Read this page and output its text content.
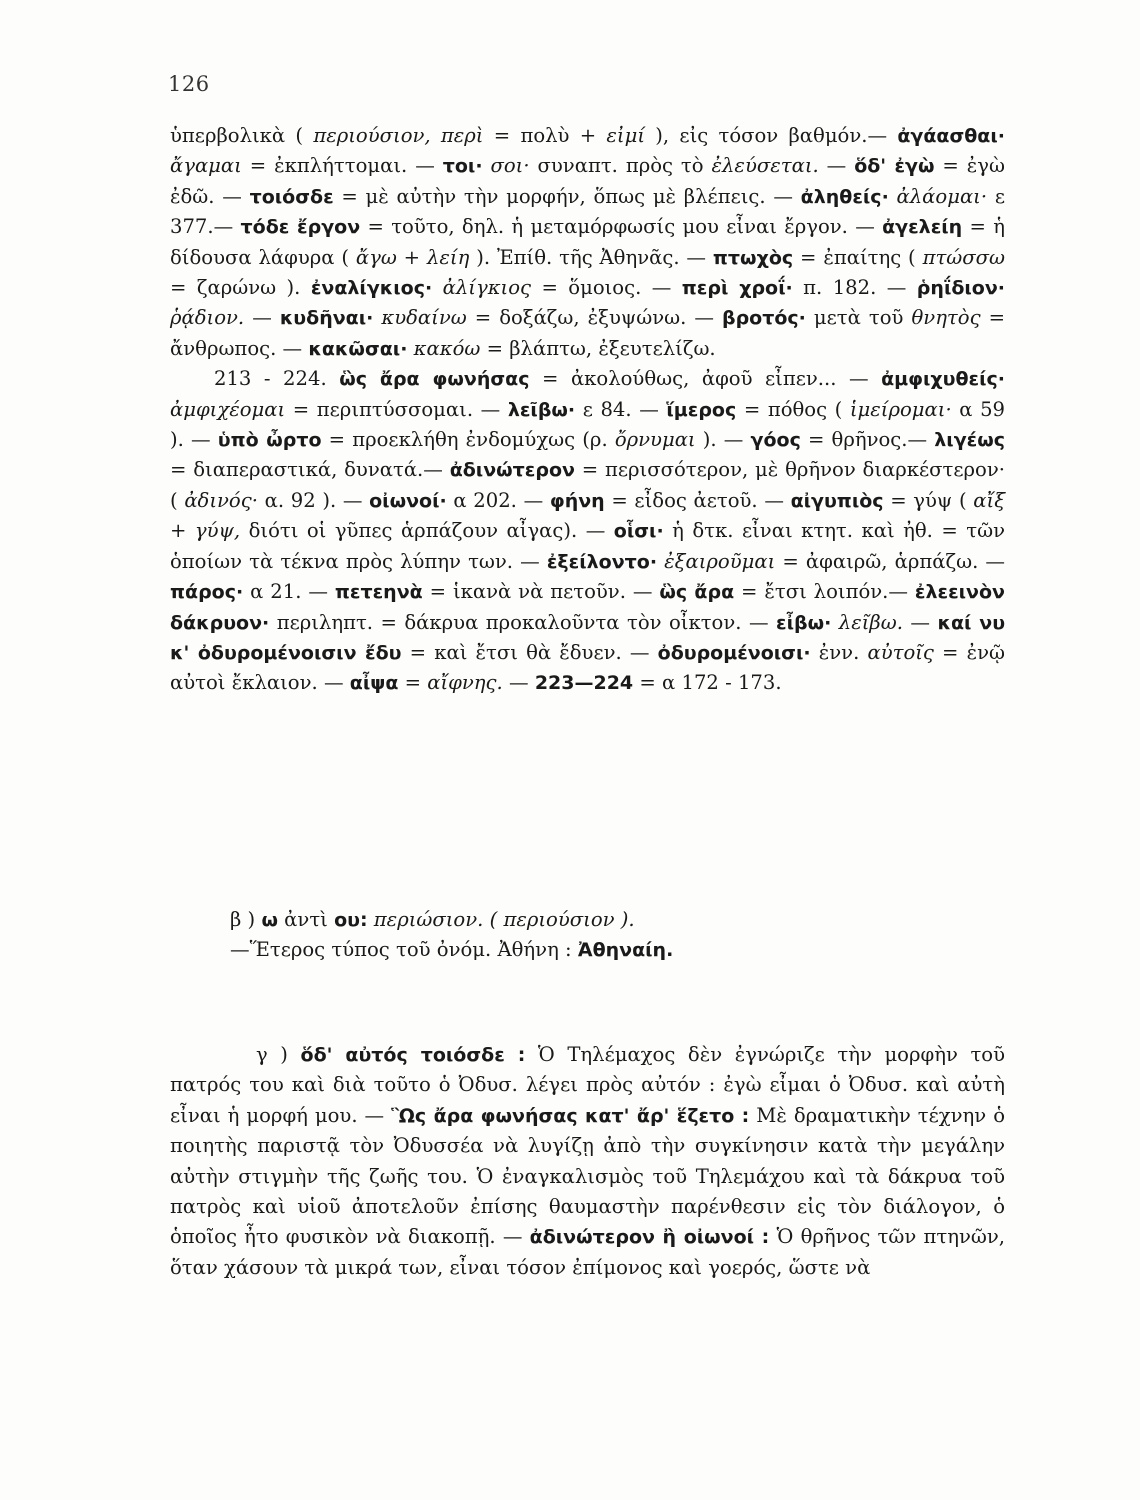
126

ὑπερβολικὰ ( περιούσιον, περὶ = πολὺ + εἰμί ), εἰς τόσον βαθμόν.— ἀγάασθαι· ἄγαμαι = ἐκπλήττομαι. — τοι· σοι· συναπτ. πρὸς τὸ ἐλεύσεται. — ὅδ' ἐγὼ = ἐγὼ ἐδῶ. — τοιόσδε = μὲ αὐτὴν τὴν μορφήν, ὅπως μὲ βλέπεις. — ἀληθείς· ἀλάομαι· ε 377.— τόδε ἔργον = τοῦτο, δηλ. ἡ μεταμόρφωσίς μου εἶναι ἔργον. — ἀγελείη = ἡ δίδουσα λάφυρα ( ἄγω + λείη ). Ἐπίθ. τῆς Ἀθηνᾶς. — πτωχὸς = ἐπαίτης ( πτώσσω = ζαρώνω ). ἐναλίγκιος· ἀλίγκιος = ὅμοιος. — περὶ χροΐ· π. 182. — ῥηΐδιον· ῥᾴδιον. — κυδῆναι· κυδαίνω = δοξάζω, ἐξυψώνω. — βροτός· μετὰ τοῦ θνητὸς = ἄνθρωπος. — κακῶσαι· κακόω = βλάπτω, ἐξευτελίζω.

213 - 224. ὣς ἄρα φωνήσας = ἀκολούθως, ἀφοῦ εἶπεν... — ἀμφιχυθείς· ἀμφιχέομαι = περιπτύσσομαι. — λεῖβω· ε 84. — ἵμερος = πόθος ( ἱμείρομαι· α 59 ). — ὑπὸ ὦρτο = προεκλήθη ἐνδομύχως (ρ. ὄρνυμαι ). — γόος = θρῆνος.— λιγέως = διαπεραστικά, δυνατά.— ἀδινώτερον = περισσότερον, μὲ θρῆνον διαρκέστερον· ( ἀδινός· α. 92 ). — οἰωνοί· α 202. — φήνη = εἶδος ἀετοῦ. — αἰγυπιὸς = γύψ ( αἴξ + γύψ, διότι οἱ γῦπες ἁρπάζουν αἶγας). — οἷσι· ἡ δτκ. εἶναι κτητ. καὶ ἠθ. = τῶν ὁποίων τὰ τέκνα πρὸς λύπην των. — ἐξείλοντο· ἐξαιροῦμαι = ἀφαιρῶ, ἁρπάζω. — πάρος· α 21. — πετεηνὰ = ἱκανὰ νὰ πετοῦν. — ὣς ἄρα = ἔτσι λοιπόν.— ἐλεεινὸν δάκρυον· περιληπτ. = δάκρυα προκαλοῦντα τὸν οἶκτον. — εἶβω· λεῖβω. — καί νυ κ' ὀδυρομένοισιν ἔδυ = καὶ ἔτσι θὰ ἔδυεν. — ὀδυρομένοισι· ἐνν. αὐτοῖς = ἐνῷ αὐτοὶ ἔκλαιον. — αἶψα = αἴφνης. — 223—224 = α 172 - 173.

β ) ω ἀντὶ ου: περιώσιον. ( περιούσιον ).

—Ἕτερος τύπος τοῦ ὀνόμ. Ἀθήνη : Ἀθηναίη.

γ ) ὅδ' αὐτός τοιόσδε : Ὁ Τηλέμαχος δὲν ἐγνώριζε τὴν μορφὴν τοῦ πατρός του καὶ διὰ τοῦτο ὁ Ὀδυσ. λέγει πρὸς αὐτόν : ἐγὼ εἶμαι ὁ Ὀδυσ. καὶ αὐτὴ εἶναι ἡ μορφή μου. — Ὣς ἄρα φωνήσας κατ' ἄρ' ἕζετο : Μὲ δραματικὴν τέχνην ὁ ποιητὴς παριστᾷ τὸν Ὀδυσσέα νὰ λυγίζῃ ἀπὸ τὴν συγκίνησιν κατὰ τὴν μεγάλην αὐτὴν στιγμὴν τῆς ζωῆς του. Ὁ ἐναγκαλισμὸς τοῦ Τηλεμάχου καὶ τὰ δάκρυα τοῦ πατρὸς καὶ υἱοῦ ἀποτελοῦν ἐπίσης θαυμαστὴν παρένθεσιν εἰς τὸν διάλογον, ὁ ὁποῖος ἦτο φυσικὸν νὰ διακοπῇ. — ἀδινώτερον ἢ οἰωνοί : Ὁ θρῆνος τῶν πτηνῶν, ὅταν χάσουν τὰ μικρά των, εἶναι τόσον ἐπίμονος καὶ γοερός, ὥστε νὰ
